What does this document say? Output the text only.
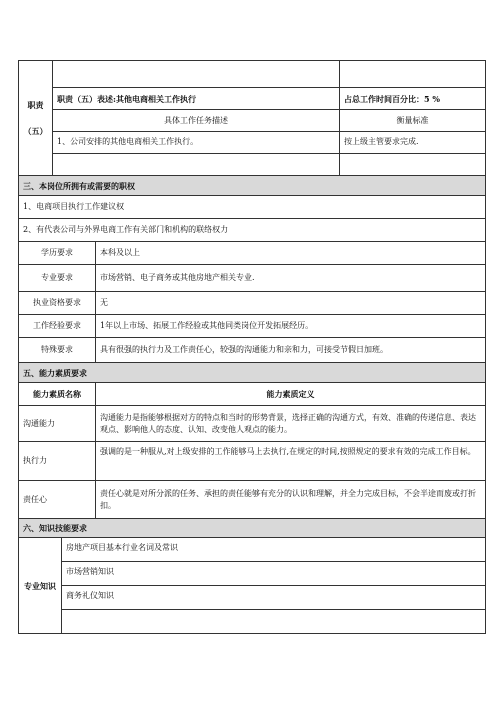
职责
（五）				

	职责（五）表述:其他电商相关工作执行			占总工作时间百分比：5 %
	具体工作任务描述			衡量标准
	1、公司安排的其他电商相关工作执行。			按上级主管要求完成.

三、本岗位所拥有或需要的职权				
1、电商项目执行工作建议权				
2、有代表公司与外界电商工作有关部门和机构的联络权力				
学历要求			本科及以上	
专业要求			市场营销、电子商务或其他房地产相关专业.	
执业资格要求			无	
工作经验要求			1年以上市场、拓展工作经验或其他同类岗位开发拓展经历。	
特殊要求			具有很强的执行力及工作责任心，较强的沟通能力和亲和力，可接受节假日加班。	
五、能力素质要求				
能力素质名称			能力素质定义	
沟通能力			沟通能力是指能够根据对方的特点和当时的形势背景，选择正确的沟通方式，有效、准确的传递信息、表达观点、影响他人的态度、认知、改变他人观点的能力。	
执行力			强调的是一种服从,对上级安排的工作能够马上去执行,在规定的时间,按照规定的要求有效的完成工作目标。	
责任心			责任心就是对所分派的任务、承担的责任能够有充分的认识和理解，并全力完成目标，不会半途而废或打折扣。	
六、知识技能要求				
专业知识		房地产项目基本行业名词及常识		
		市场营销知识		
		商务礼仪知识		
